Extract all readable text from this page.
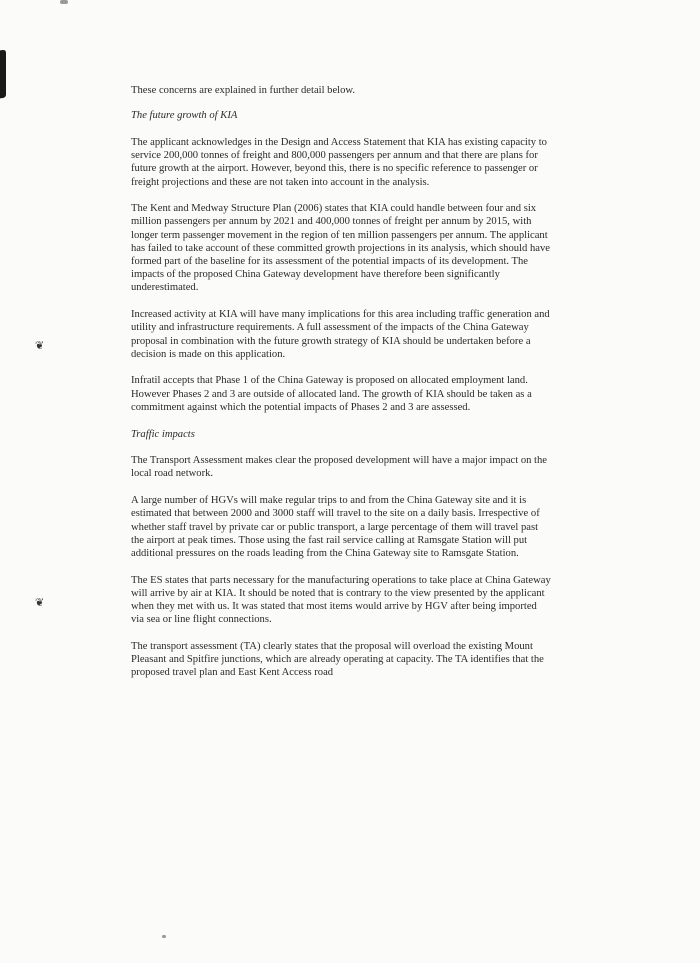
❦
❦

These concerns are explained in further detail below.

The future growth of KIA

The applicant acknowledges in the Design and Access Statement that KIA has existing capacity to service 200,000 tonnes of freight and 800,000 passengers per annum and that there are plans for future growth at the airport. However, beyond this, there is no specific reference to passenger or freight projections and these are not taken into account in the analysis.

The Kent and Medway Structure Plan (2006) states that KIA could handle between four and six million passengers per annum by 2021 and 400,000 tonnes of freight per annum by 2015, with longer term passenger movement in the region of ten million passengers per annum. The applicant has failed to take account of these committed growth projections in its analysis, which should have formed part of the baseline for its assessment of the potential impacts of its development. The impacts of the proposed China Gateway development have therefore been significantly underestimated.

Increased activity at KIA will have many implications for this area including traffic generation and utility and infrastructure requirements. A full assessment of the impacts of the China Gateway proposal in combination with the future growth strategy of KIA should be undertaken before a decision is made on this application.

Infratil accepts that Phase 1 of the China Gateway is proposed on allocated employment land. However Phases 2 and 3 are outside of allocated land. The growth of KIA should be taken as a commitment against which the potential impacts of Phases 2 and 3 are assessed.

Traffic impacts

The Transport Assessment makes clear the proposed development will have a major impact on the local road network.

A large number of HGVs will make regular trips to and from the China Gateway site and it is estimated that between 2000 and 3000 staff will travel to the site on a daily basis. Irrespective of whether staff travel by private car or public transport, a large percentage of them will travel past the airport at peak times. Those using the fast rail service calling at Ramsgate Station will put additional pressures on the roads leading from the China Gateway site to Ramsgate Station.

The ES states that parts necessary for the manufacturing operations to take place at China Gateway will arrive by air at KIA. It should be noted that is contrary to the view presented by the applicant when they met with us. It was stated that most items would arrive by HGV after being imported via sea or line flight connections.

The transport assessment (TA) clearly states that the proposal will overload the existing Mount Pleasant and Spitfire junctions, which are already operating at capacity. The TA identifies that the proposed travel plan and East Kent Access road
